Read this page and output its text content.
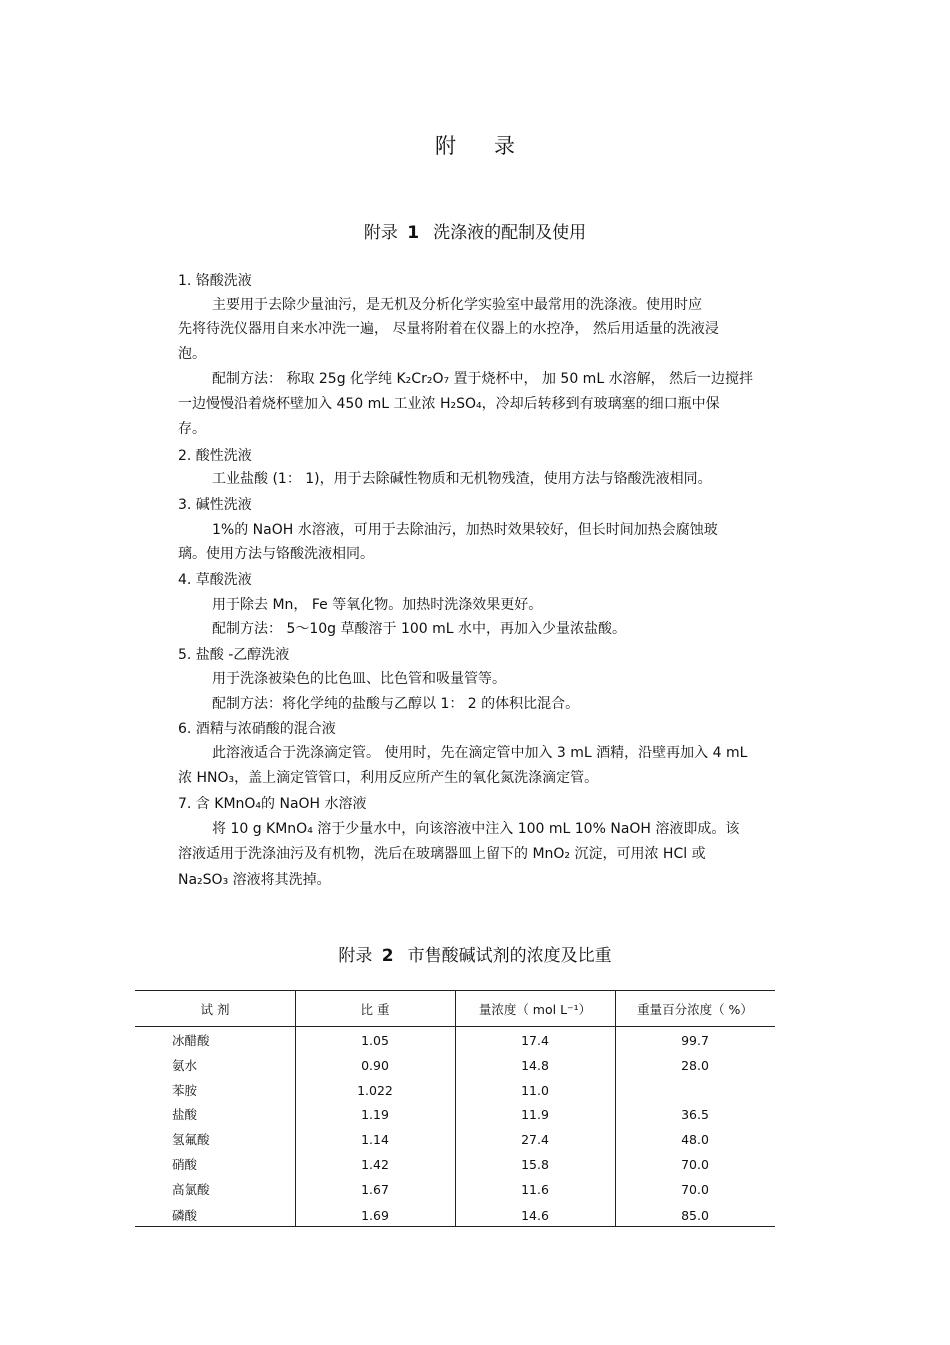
附录
附录 1 洗涤液的配制及使用
1. 铬酸洗液
主要用于去除少量油污，是无机及分析化学实验室中最常用的洗涤液。使用时应
先将待洗仪器用自来水冲洗一遍， 尽量将附着在仪器上的水控净， 然后用适量的洗液浸
泡。
配制方法： 称取 25g 化学纯 K₂Cr₂O₇ 置于烧杯中， 加 50 mL 水溶解， 然后一边搅拌
一边慢慢沿着烧杯壁加入 450 mL 工业浓 H₂SO₄，冷却后转移到有玻璃塞的细口瓶中保
存。
2. 酸性洗液
工业盐酸 (1： 1)，用于去除碱性物质和无机物残渣，使用方法与铬酸洗液相同。
3. 碱性洗液
1%的 NaOH 水溶液，可用于去除油污，加热时效果较好，但长时间加热会腐蚀玻
璃。使用方法与铬酸洗液相同。
4. 草酸洗液
用于除去 Mn， Fe 等氧化物。加热时洗涤效果更好。
配制方法： 5～10g 草酸溶于 100 mL 水中，再加入少量浓盐酸。
5. 盐酸 -乙醇洗液
用于洗涤被染色的比色皿、比色管和吸量管等。
配制方法：将化学纯的盐酸与乙醇以 1： 2 的体积比混合。
6. 酒精与浓硝酸的混合液
此溶液适合于洗涤滴定管。 使用时，先在滴定管中加入 3 mL 酒精，沿壁再加入 4 mL
浓 HNO₃，盖上滴定管管口，利用反应所产生的氧化氮洗涤滴定管。
7. 含 KMnO₄的 NaOH 水溶液
将 10 g KMnO₄ 溶于少量水中，向该溶液中注入 100 mL 10% NaOH 溶液即成。该
溶液适用于洗涤油污及有机物，洗后在玻璃器皿上留下的 MnO₂ 沉淀，可用浓 HCl 或
Na₂SO₃ 溶液将其洗掉。
附录 2 市售酸碱试剂的浓度及比重
试 剂	比 重	量浓度（ mol L⁻¹）	重量百分浓度（ %）
冰醋酸	1.05	17.4	99.7
氨水	0.90	14.8	28.0
苯胺	1.022	11.0
盐酸	1.19	11.9	36.5
氢氟酸	1.14	27.4	48.0
硝酸	1.42	15.8	70.0
高氯酸	1.67	11.6	70.0
磷酸	1.69	14.6	85.0
